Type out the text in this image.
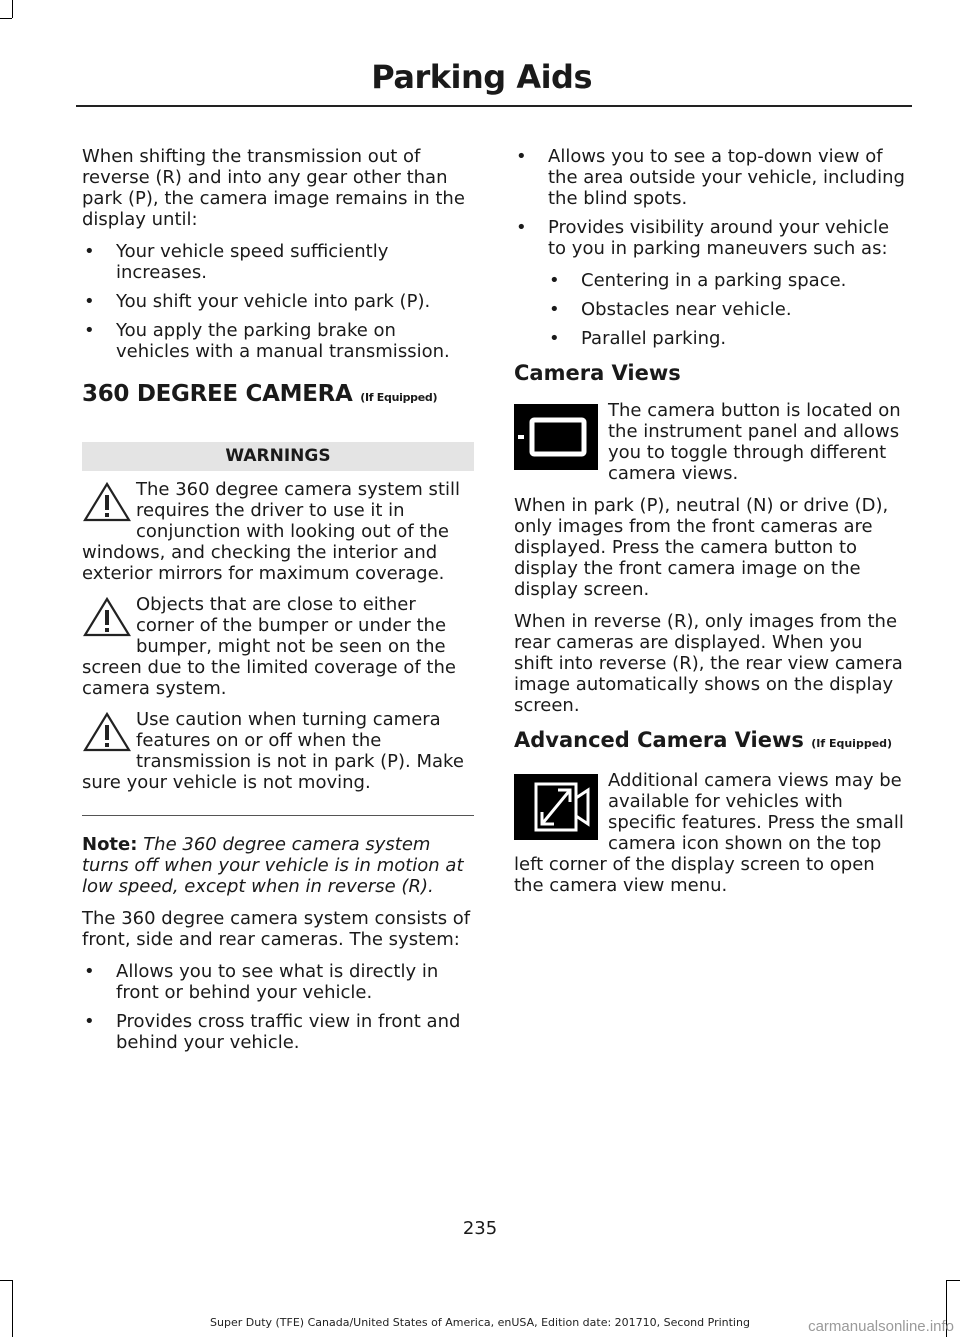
Parking Aids

When shifting the transmission out of reverse (R) and into any gear other than park (P), the camera image remains in the display until:

• Your vehicle speed sufficiently increases.
• You shift your vehicle into park (P).
• You apply the parking brake on vehicles with a manual transmission.
360 DEGREE CAMERA (If Equipped)
WARNINGS

The 360 degree camera system still requires the driver to use it in conjunction with looking out of the windows, and checking the interior and exterior mirrors for maximum coverage.

Objects that are close to either corner of the bumper or under the bumper, might not be seen on the screen due to the limited coverage of the camera system.

Use caution when turning camera features on or off when the transmission is not in park (P). Make sure your vehicle is not moving.

Note: The 360 degree camera system turns off when your vehicle is in motion at low speed, except when in reverse (R).

The 360 degree camera system consists of front, side and rear cameras. The system:

• Allows you to see what is directly in front or behind your vehicle.
• Provides cross traffic view in front and behind your vehicle.
• Allows you to see a top-down view of the area outside your vehicle, including the blind spots.
• Provides visibility around your vehicle to you in parking maneuvers such as:
• Centering in a parking space.
• Obstacles near vehicle.
• Parallel parking.
Camera Views

The camera button is located on the instrument panel and allows you to toggle through different camera views.

When in park (P), neutral (N) or drive (D), only images from the front cameras are displayed. Press the camera button to display the front camera image on the display screen.

When in reverse (R), only images from the rear cameras are displayed. When you shift into reverse (R), the rear view camera image automatically shows on the display screen.

Advanced Camera Views (If Equipped)

Additional camera views may be available for vehicles with specific features. Press the small camera icon shown on the top left corner of the display screen to open the camera view menu.

235
Super Duty (TFE) Canada/United States of America, enUSA, Edition date: 201710, Second Printing	carmanualsonline.info
